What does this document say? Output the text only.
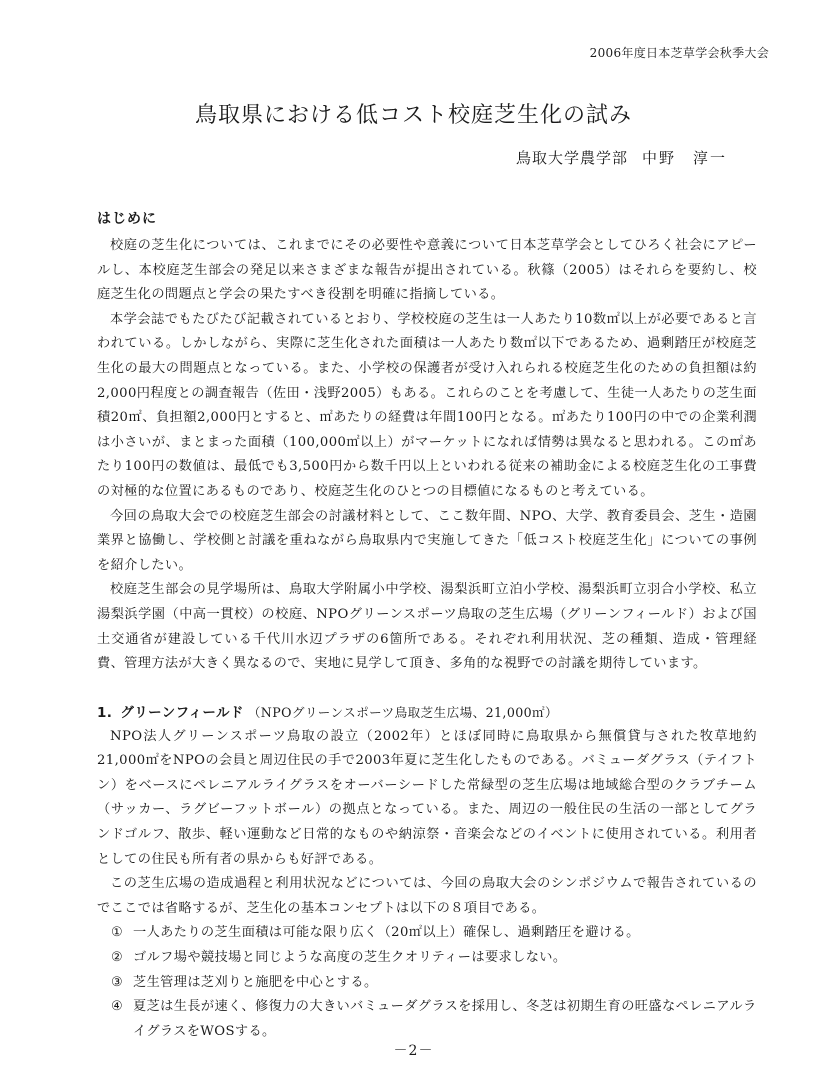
2006年度日本芝草学会秋季大会
鳥取県における低コスト校庭芝生化の試み
鳥取大学農学部 中野　淳一

はじめに

校庭の芝生化については、これまでにその必要性や意義について日本芝草学会としてひろく社会にアピールし、本校庭芝生部会の発足以来さまざまな報告が提出されている。秋篠（2005）はそれらを要約し、校庭芝生化の問題点と学会の果たすべき役割を明確に指摘している。

本学会誌でもたびたび記載されているとおり、学校校庭の芝生は一人あたり10数㎡以上が必要であると言われている。しかしながら、実際に芝生化された面積は一人あたり数㎡以下であるため、過剰踏圧が校庭芝生化の最大の問題点となっている。また、小学校の保護者が受け入れられる校庭芝生化のための負担額は約2,000円程度との調査報告（佐田・浅野2005）もある。これらのことを考慮して、生徒一人あたりの芝生面積20㎡、負担額2,000円とすると、㎡あたりの経費は年間100円となる。㎡あたり100円の中での企業利潤は小さいが、まとまった面積（100,000㎡以上）がマーケットになれば情勢は異なると思われる。この㎡あたり100円の数値は、最低でも3,500円から数千円以上といわれる従来の補助金による校庭芝生化の工事費の対極的な位置にあるものであり、校庭芝生化のひとつの目標値になるものと考えている。

今回の鳥取大会での校庭芝生部会の討議材料として、ここ数年間、NPO、大学、教育委員会、芝生・造園業界と協働し、学校側と討議を重ねながら鳥取県内で実施してきた「低コスト校庭芝生化」についての事例を紹介したい。

校庭芝生部会の見学場所は、鳥取大学附属小中学校、湯梨浜町立泊小学校、湯梨浜町立羽合小学校、私立湯梨浜学園（中高一貫校）の校庭、NPOグリーンスポーツ鳥取の芝生広場（グリーンフィールド）および国土交通省が建設している千代川水辺プラザの6箇所である。それぞれ利用状況、芝の種類、造成・管理経費、管理方法が大きく異なるので、実地に見学して頂き、多角的な視野での討議を期待しています。

1. グリーンフィールド （NPOグリーンスポーツ鳥取芝生広場、21,000㎡）

NPO法人グリーンスポーツ鳥取の設立（2002年）とほぼ同時に鳥取県から無償貸与された牧草地約21,000㎡をNPOの会員と周辺住民の手で2003年夏に芝生化したものである。バミューダグラス（テイフトン）をベースにペレニアルライグラスをオーバーシードした常緑型の芝生広場は地域総合型のクラブチーム（サッカー、ラグビーフットボール）の拠点となっている。また、周辺の一般住民の生活の一部としてグランドゴルフ、散歩、軽い運動など日常的なものや納涼祭・音楽会などのイベントに使用されている。利用者としての住民も所有者の県からも好評である。

この芝生広場の造成過程と利用状況などについては、今回の鳥取大会のシンポジウムで報告されているのでここでは省略するが、芝生化の基本コンセプトは以下の８項目である。

① 一人あたりの芝生面積は可能な限り広く（20㎡以上）確保し、過剰踏圧を避ける。
② ゴルフ場や競技場と同じような高度の芝生クオリティーは要求しない。
③ 芝生管理は芝刈りと施肥を中心とする。
④ 夏芝は生長が速く、修復力の大きいバミューダグラスを採用し、冬芝は初期生育の旺盛なペレニアルライグラスをWOSする。
－2－
